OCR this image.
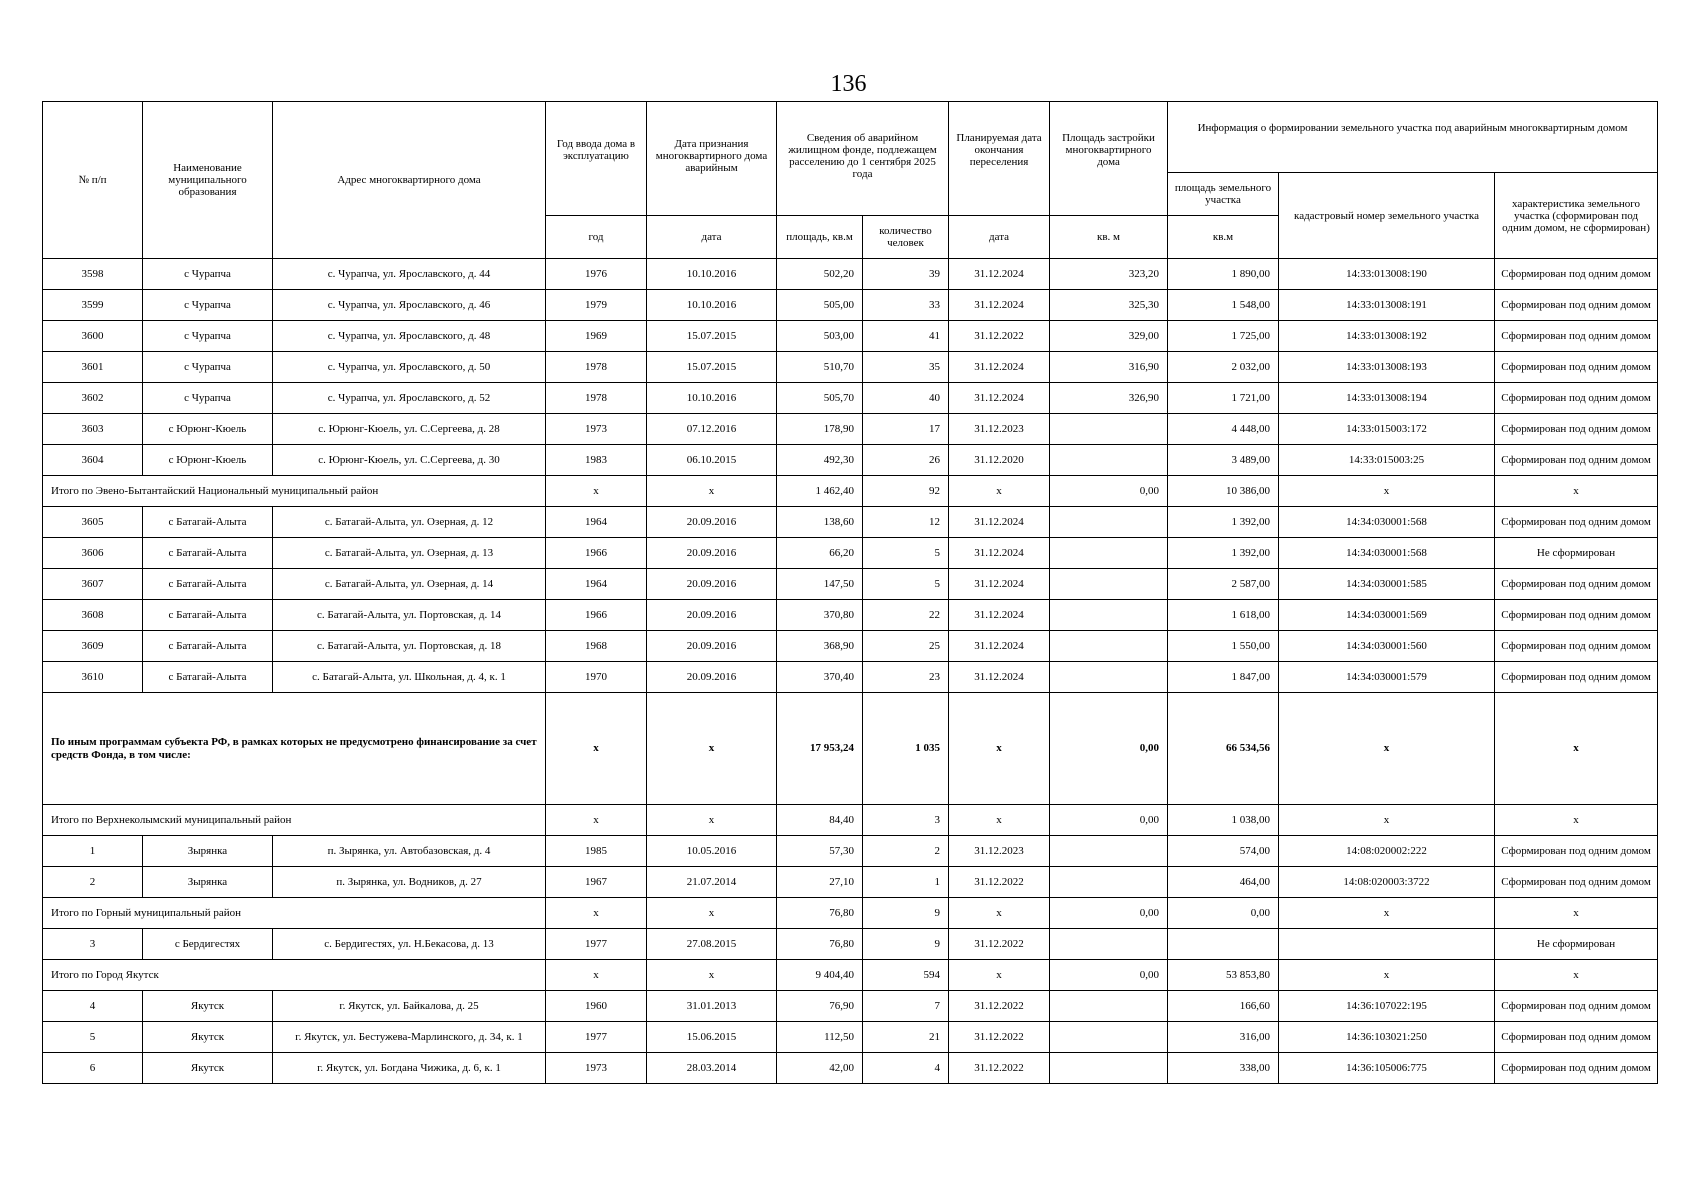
136
№ п/п	Наименование муниципального образования	Адрес многоквартирного дома	Год ввода дома в эксплуатацию	Дата признания многоквартирного дома аварийным	Сведения об аварийном жилищном фонде, подлежащем расселению до 1 сентября 2025 года		Планируемая дата окончания переселения	Площадь застройки многоквартирного дома	Информация о формировании земельного участка под аварийным многоквартирным домом		
									площадь земельного участка	кадастровый номер земельного участка	характеристика земельного участка (сформирован под одним домом, не сформирован)
			год	дата	площадь, кв.м	количество человек	дата	кв. м	кв.м		
3598	с Чурапча	с. Чурапча, ул. Ярославского, д. 44	1976	10.10.2016	502,20	39	31.12.2024	323,20	1 890,00	14:33:013008:190	Сформирован под одним домом
3599	с Чурапча	с. Чурапча, ул. Ярославского, д. 46	1979	10.10.2016	505,00	33	31.12.2024	325,30	1 548,00	14:33:013008:191	Сформирован под одним домом
3600	с Чурапча	с. Чурапча, ул. Ярославского, д. 48	1969	15.07.2015	503,00	41	31.12.2022	329,00	1 725,00	14:33:013008:192	Сформирован под одним домом
3601	с Чурапча	с. Чурапча, ул. Ярославского, д. 50	1978	15.07.2015	510,70	35	31.12.2024	316,90	2 032,00	14:33:013008:193	Сформирован под одним домом
3602	с Чурапча	с. Чурапча, ул. Ярославского, д. 52	1978	10.10.2016	505,70	40	31.12.2024	326,90	1 721,00	14:33:013008:194	Сформирован под одним домом
3603	с Юрюнг-Кюель	с. Юрюнг-Кюель, ул. С.Сергеева, д. 28	1973	07.12.2016	178,90	17	31.12.2023		4 448,00	14:33:015003:172	Сформирован под одним домом
3604	с Юрюнг-Кюель	с. Юрюнг-Кюель, ул. С.Сергеева, д. 30	1983	06.10.2015	492,30	26	31.12.2020		3 489,00	14:33:015003:25	Сформирован под одним домом
Итого по Эвено-Бытантайский Национальный муниципальный район			x	x	1 462,40	92	x	0,00	10 386,00	x	x
3605	с Батагай-Алыта	с. Батагай-Алыта, ул. Озерная, д. 12	1964	20.09.2016	138,60	12	31.12.2024		1 392,00	14:34:030001:568	Сформирован под одним домом
3606	с Батагай-Алыта	с. Батагай-Алыта, ул. Озерная, д. 13	1966	20.09.2016	66,20	5	31.12.2024		1 392,00	14:34:030001:568	Не сформирован
3607	с Батагай-Алыта	с. Батагай-Алыта, ул. Озерная, д. 14	1964	20.09.2016	147,50	5	31.12.2024		2 587,00	14:34:030001:585	Сформирован под одним домом
3608	с Батагай-Алыта	с. Батагай-Алыта, ул. Портовская, д. 14	1966	20.09.2016	370,80	22	31.12.2024		1 618,00	14:34:030001:569	Сформирован под одним домом
3609	с Батагай-Алыта	с. Батагай-Алыта, ул. Портовская, д. 18	1968	20.09.2016	368,90	25	31.12.2024		1 550,00	14:34:030001:560	Сформирован под одним домом
3610	с Батагай-Алыта	с. Батагай-Алыта, ул. Школьная, д. 4, к. 1	1970	20.09.2016	370,40	23	31.12.2024		1 847,00	14:34:030001:579	Сформирован под одним домом
По иным программам субъекта РФ, в рамках которых не предусмотрено финансирование за счет средств Фонда, в том числе:			x	x	17 953,24	1 035	x	0,00	66 534,56	x	x
Итого по Верхнеколымский муниципальный район			x	x	84,40	3	x	0,00	1 038,00	x	x
1	Зырянка	п. Зырянка, ул. Автобазовская, д. 4	1985	10.05.2016	57,30	2	31.12.2023		574,00	14:08:020002:222	Сформирован под одним домом
2	Зырянка	п. Зырянка, ул. Водников, д. 27	1967	21.07.2014	27,10	1	31.12.2022		464,00	14:08:020003:3722	Сформирован под одним домом
Итого по Горный муниципальный район			x	x	76,80	9	x	0,00	0,00	x	x
3	с Бердигестях	с. Бердигестях, ул. Н.Бекасова, д. 13	1977	27.08.2015	76,80	9	31.12.2022				Не сформирован
Итого по Город Якутск			x	x	9 404,40	594	x	0,00	53 853,80	x	x
4	Якутск	г. Якутск, ул. Байкалова, д. 25	1960	31.01.2013	76,90	7	31.12.2022		166,60	14:36:107022:195	Сформирован под одним домом
5	Якутск	г. Якутск, ул. Бестужева-Марлинского, д. 34, к. 1	1977	15.06.2015	112,50	21	31.12.2022		316,00	14:36:103021:250	Сформирован под одним домом
6	Якутск	г. Якутск, ул. Богдана Чижика, д. 6, к. 1	1973	28.03.2014	42,00	4	31.12.2022		338,00	14:36:105006:775	Сформирован под одним домом
